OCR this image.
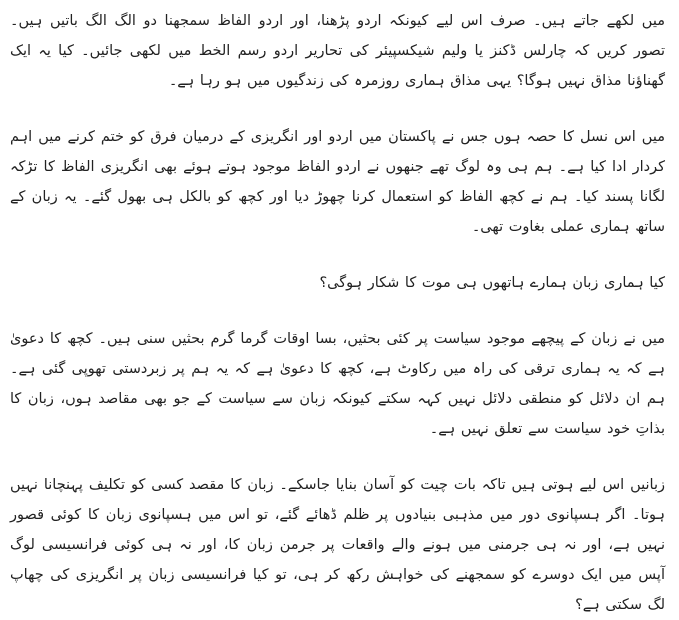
میں لکھے جاتے ہیں۔ صرف اس لیے کیونکہ اردو پڑھنا، اور اردو الفاظ سمجھنا دو الگ الگ باتیں ہیں۔ تصور کریں کہ چارلس ڈکنز یا ولیم شیکسپیئر کی تحاریر اردو رسم الخط میں لکھی جائیں۔ کیا یہ ایک گھناؤنا مذاق نہیں ہوگا؟ یہی مذاق ہماری روزمرہ کی زندگیوں میں ہو رہا ہے۔

میں اس نسل کا حصہ ہوں جس نے پاکستان میں اردو اور انگریزی کے درمیان فرق کو ختم کرنے میں اہم کردار ادا کیا ہے۔ ہم ہی وہ لوگ تھے جنھوں نے اردو الفاظ موجود ہوتے ہوئے بھی انگریزی الفاظ کا تڑکہ لگانا پسند کیا۔ ہم نے کچھ الفاظ کو استعمال کرنا چھوڑ دیا اور کچھ کو بالکل ہی بھول گئے۔ یہ زبان کے ساتھ ہماری عملی بغاوت تھی۔

کیا ہماری زبان ہمارے ہاتھوں ہی موت کا شکار ہوگی؟

میں نے زبان کے پیچھے موجود سیاست پر کئی بحثیں، بسا اوقات گرما گرم بحثیں سنی ہیں۔ کچھ کا دعویٰ ہے کہ یہ ہماری ترقی کی راہ میں رکاوٹ ہے، کچھ کا دعویٰ ہے کہ یہ ہم پر زبردستی تھوپی گئی ہے۔ ہم ان دلائل کو منطقی دلائل نہیں کہہ سکتے کیونکہ زبان سے سیاست کے جو بھی مقاصد ہوں، زبان کا بذاتِ خود سیاست سے تعلق نہیں ہے۔

زبانیں اس لیے ہوتی ہیں تاکہ بات چیت کو آسان بنایا جاسکے۔ زبان کا مقصد کسی کو تکلیف پہنچانا نہیں ہوتا۔ اگر ہسپانوی دور میں مذہبی بنیادوں پر ظلم ڈھائے گئے، تو اس میں ہسپانوی زبان کا کوئی قصور نہیں ہے، اور نہ ہی جرمنی میں ہونے والے واقعات پر جرمن زبان کا، اور نہ ہی کوئی فرانسیسی لوگ آپس میں ایک دوسرے کو سمجھنے کی خواہش رکھ کر ہی، تو کیا فرانسیسی زبان پر انگریزی کی چھاپ لگ سکتی ہے؟
